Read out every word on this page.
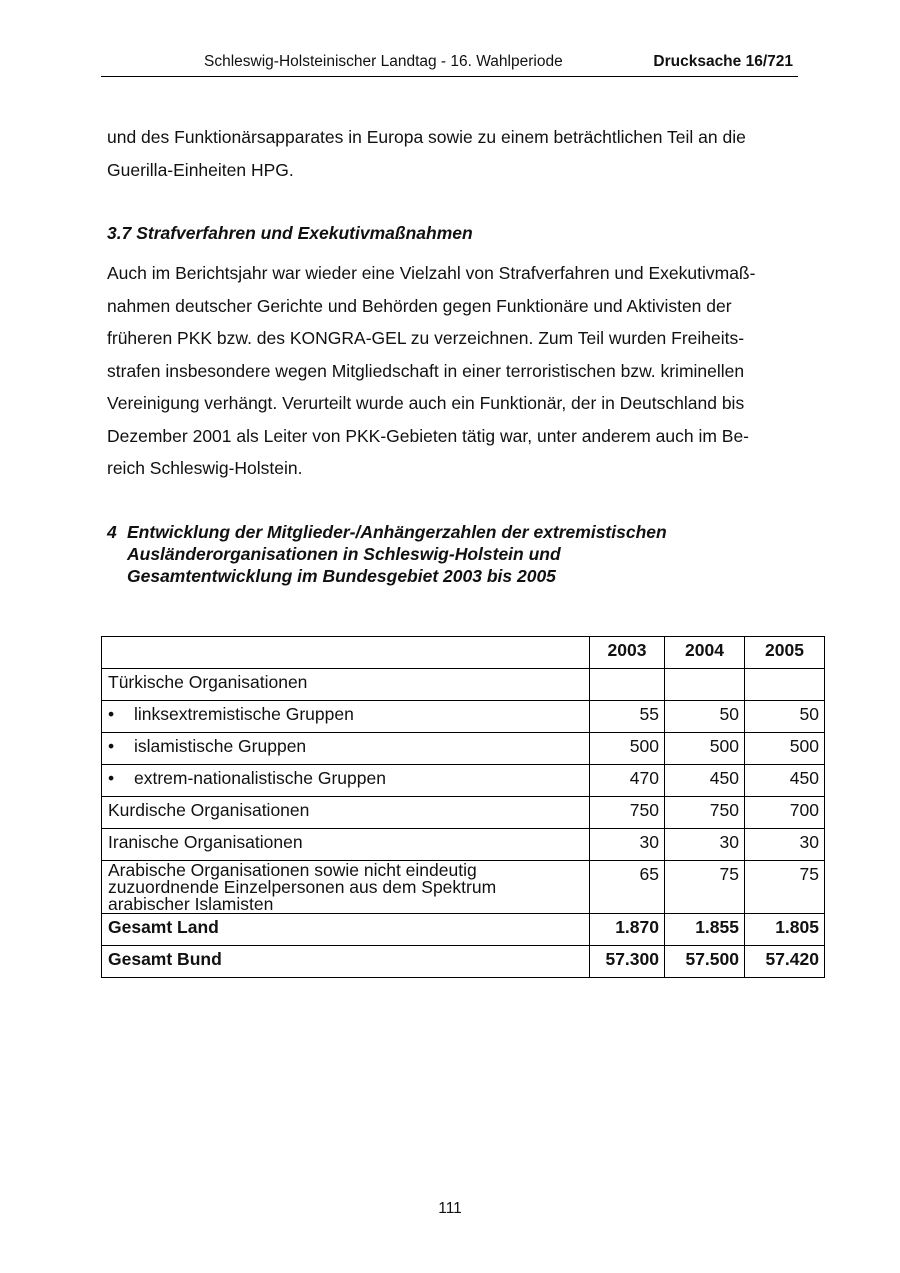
Schleswig-Holsteinischer Landtag - 16. Wahlperiode	Drucksache 16/721
und des Funktionärsapparates in Europa sowie zu einem beträchtlichen Teil an die
Guerilla-Einheiten HPG.
3.7 Strafverfahren und Exekutivmaßnahmen
Auch im Berichtsjahr war wieder eine Vielzahl von Strafverfahren und Exekutivmaß-
nahmen deutscher Gerichte und Behörden gegen Funktionäre und Aktivisten der
früheren PKK bzw. des KONGRA-GEL zu verzeichnen. Zum Teil wurden Freiheits-
strafen insbesondere wegen Mitgliedschaft in einer terroristischen bzw. kriminellen
Vereinigung verhängt. Verurteilt wurde auch ein Funktionär, der in Deutschland bis
Dezember 2001 als Leiter von PKK-Gebieten tätig war, unter anderem auch im Be-
reich Schleswig-Holstein.
4 Entwicklung der Mitglieder-/Anhängerzahlen der extremistischen
Ausländerorganisationen in Schleswig-Holstein und
Gesamtentwicklung im Bundesgebiet 2003 bis 2005
	2003	2004	2005
Türkische Organisationen			
• linksextremistische Gruppen	55	50	50
• islamistische Gruppen	500	500	500
• extrem-nationalistische Gruppen	470	450	450
Kurdische Organisationen	750	750	700
Iranische Organisationen	30	30	30

Arabische Organisationen sowie nicht eindeutig
zuzuordnende Einzelpersonen aus dem Spektrum
arabischer Islamisten	65	75	75
Gesamt Land	1.870	1.855	1.805
Gesamt Bund	57.300	57.500	57.420
111
